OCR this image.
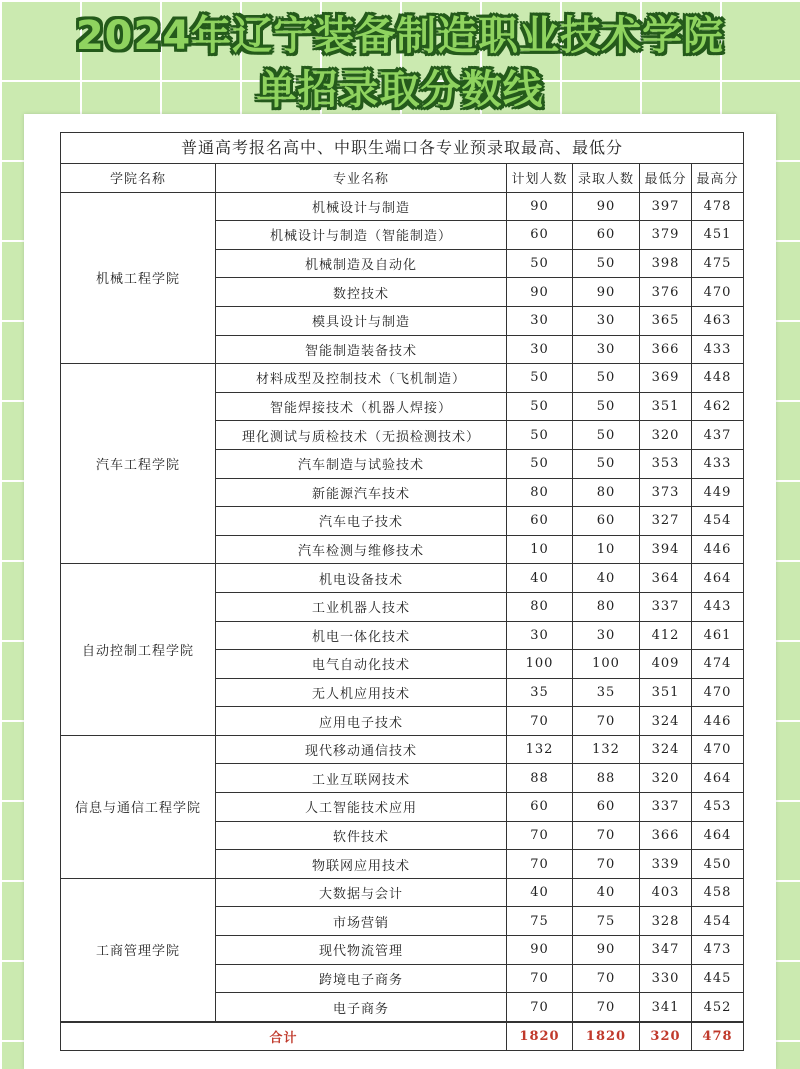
2024年辽宁装备制造职业技术学院
单招录取分数线
普通高考报名高中、中职生端口各专业预录取最高、最低分
学院名称	专业名称	计划人数	录取人数	最低分	最高分
机械工程学院	机械设计与制造	90	90	397	478
	机械设计与制造（智能制造）	60	60	379	451
	机械制造及自动化	50	50	398	475
	数控技术	90	90	376	470
	模具设计与制造	30	30	365	463
	智能制造装备技术	30	30	366	433
汽车工程学院	材料成型及控制技术（飞机制造）	50	50	369	448
	智能焊接技术（机器人焊接）	50	50	351	462
	理化测试与质检技术（无损检测技术）	50	50	320	437
	汽车制造与试验技术	50	50	353	433
	新能源汽车技术	80	80	373	449
	汽车电子技术	60	60	327	454
	汽车检测与维修技术	10	10	394	446
自动控制工程学院	机电设备技术	40	40	364	464
	工业机器人技术	80	80	337	443
	机电一体化技术	30	30	412	461
	电气自动化技术	100	100	409	474
	无人机应用技术	35	35	351	470
	应用电子技术	70	70	324	446
信息与通信工程学院	现代移动通信技术	132	132	324	470
	工业互联网技术	88	88	320	464
	人工智能技术应用	60	60	337	453
	软件技术	70	70	366	464
	物联网应用技术	70	70	339	450
工商管理学院	大数据与会计	40	40	403	458
	市场营销	75	75	328	454
	现代物流管理	90	90	347	473
	跨境电子商务	70	70	330	445
	电子商务	70	70	341	452
合计		1820	1820	320	478
